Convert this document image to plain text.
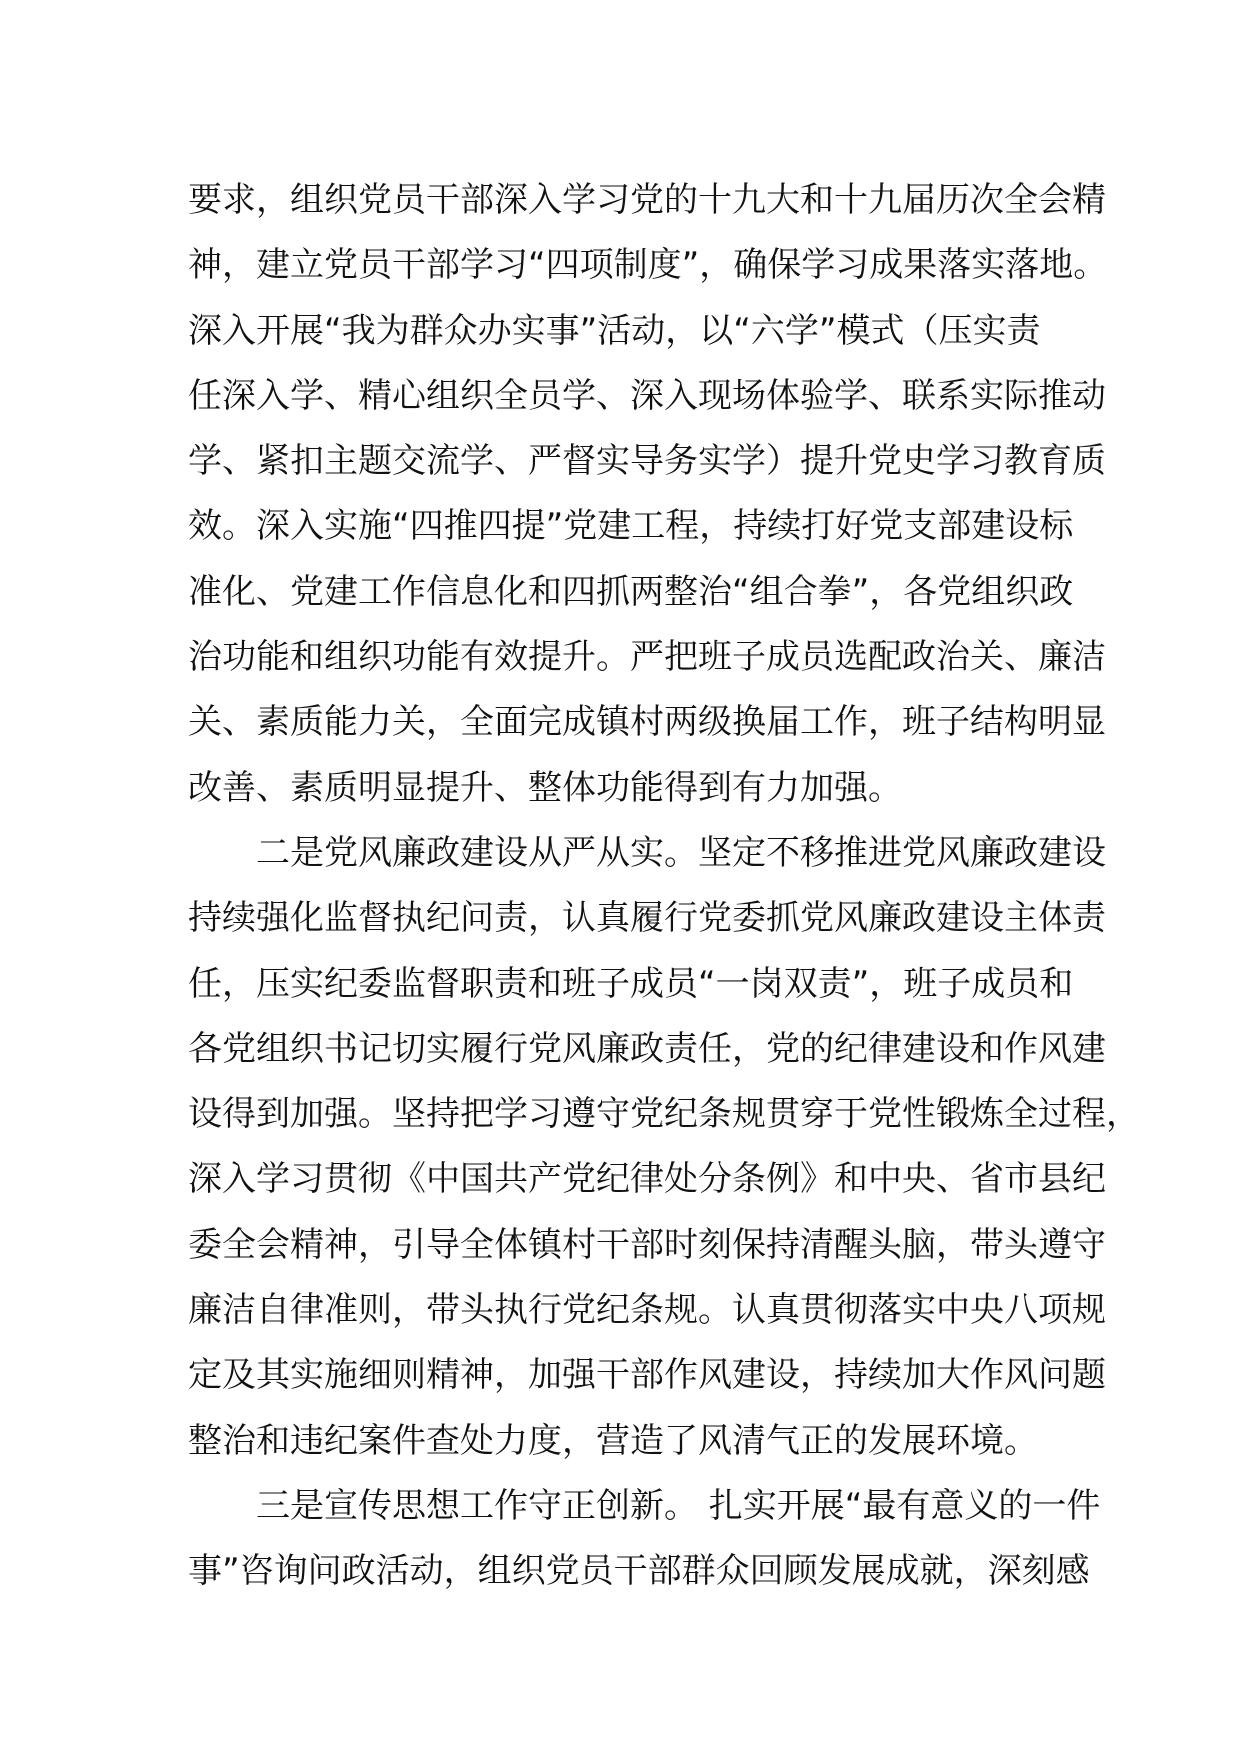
要求，组织党员干部深入学习党的十九大和十九届历次全会精
神，建立党员干部学习“四项制度”，确保学习成果落实落地。
深入开展“我为群众办实事”活动，以“六学”模式（压实责
任深入学、精心组织全员学、深入现场体验学、联系实际推动
学、紧扣主题交流学、严督实导务实学）提升党史学习教育质
效。深入实施“四推四提”党建工程，持续打好党支部建设标
准化、党建工作信息化和四抓两整治“组合拳”，各党组织政
治功能和组织功能有效提升。严把班子成员选配政治关、廉洁
关、素质能力关，全面完成镇村两级换届工作，班子结构明显
改善、素质明显提升、整体功能得到有力加强。
　　二是党风廉政建设从严从实。坚定不移推进党风廉政建设
持续强化监督执纪问责，认真履行党委抓党风廉政建设主体责
任，压实纪委监督职责和班子成员“一岗双责”，班子成员和
各党组织书记切实履行党风廉政责任，党的纪律建设和作风建
设得到加强。坚持把学习遵守党纪条规贯穿于党性锻炼全过程，
深入学习贯彻《中国共产党纪律处分条例》和中央、省市县纪
委全会精神，引导全体镇村干部时刻保持清醒头脑，带头遵守
廉洁自律准则，带头执行党纪条规。认真贯彻落实中央八项规
定及其实施细则精神，加强干部作风建设，持续加大作风问题
整治和违纪案件查处力度，营造了风清气正的发展环境。
　　三是宣传思想工作守正创新。 扎实开展“最有意义的一件
事”咨询问政活动，组织党员干部群众回顾发展成就，深刻感
